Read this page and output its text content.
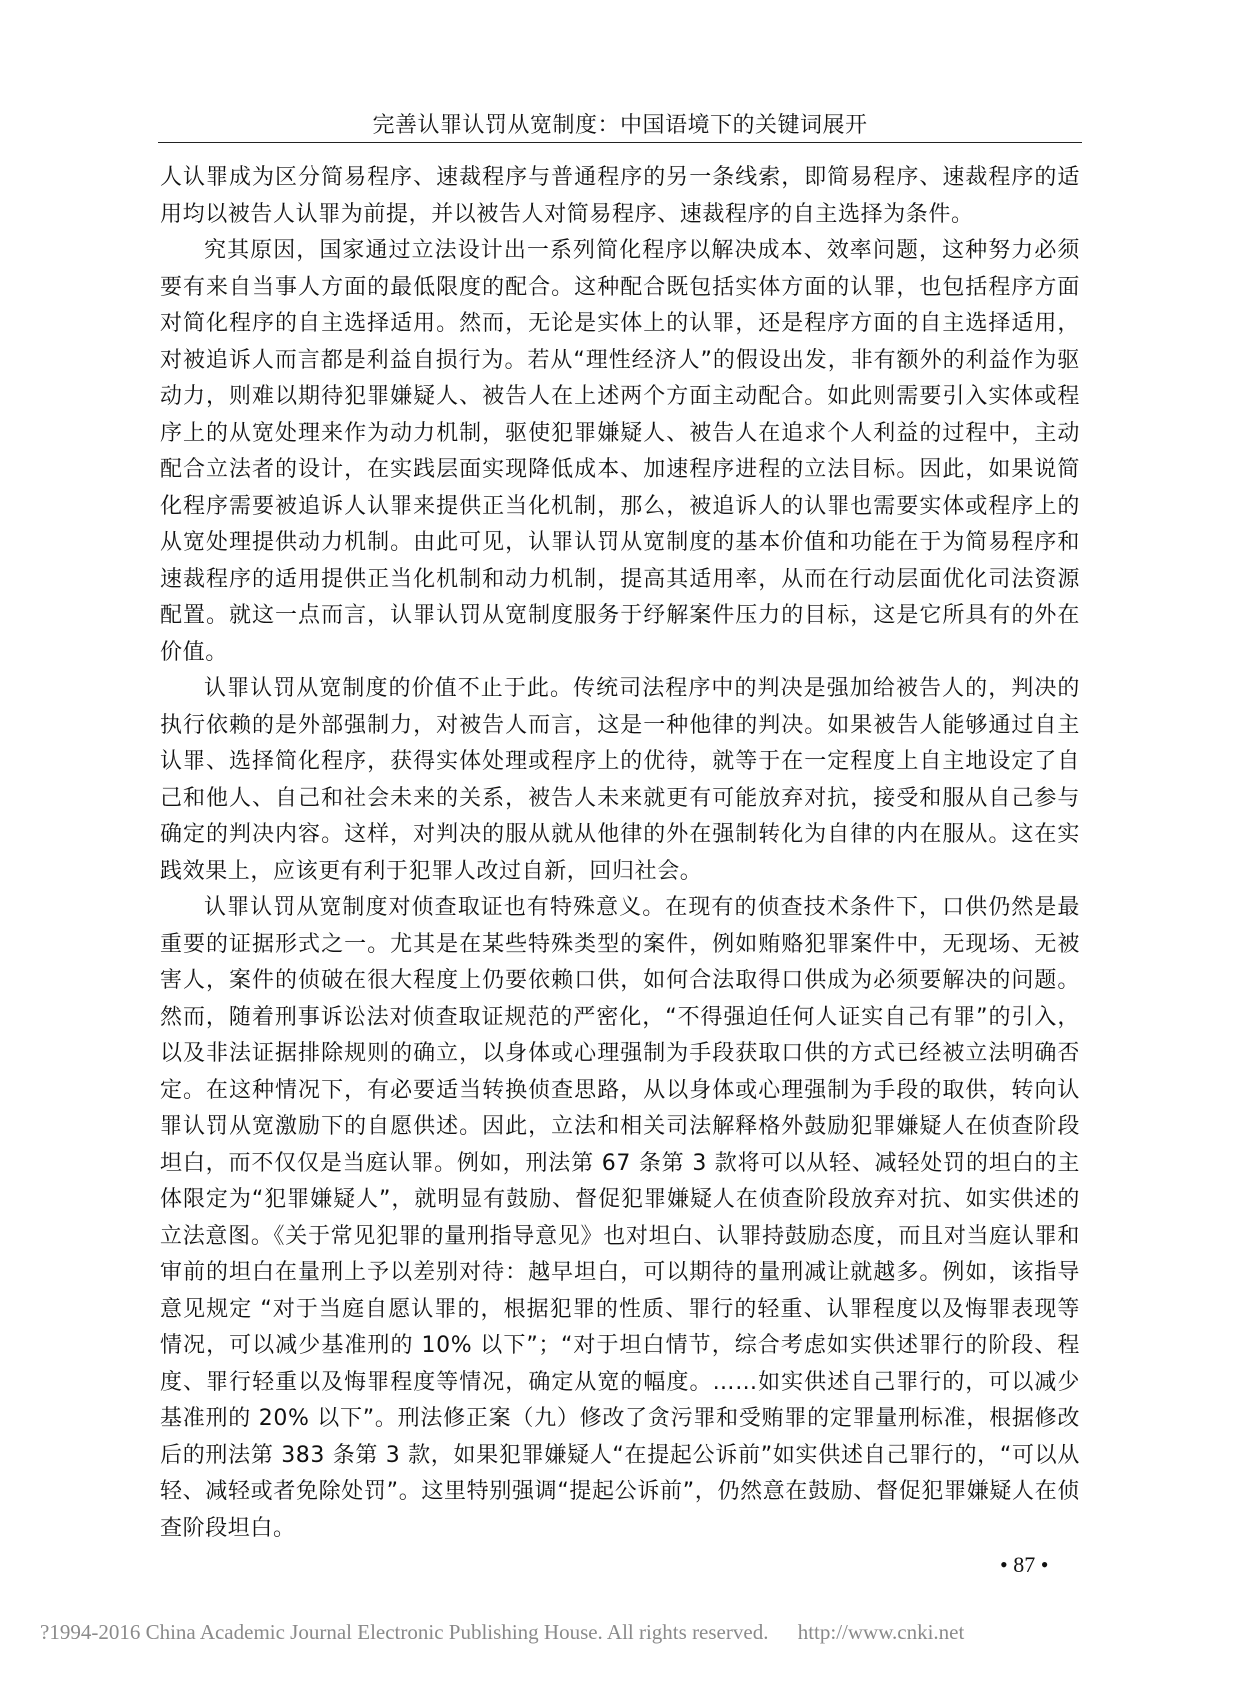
完善认罪认罚从宽制度：中国语境下的关键词展开

人认罪成为区分简易程序、速裁程序与普通程序的另一条线索，即简易程序、速裁程序的适用均以被告人认罪为前提，并以被告人对简易程序、速裁程序的自主选择为条件。

究其原因，国家通过立法设计出一系列简化程序以解决成本、效率问题，这种努力必须要有来自当事人方面的最低限度的配合。这种配合既包括实体方面的认罪，也包括程序方面对简化程序的自主选择适用。然而，无论是实体上的认罪，还是程序方面的自主选择适用，对被追诉人而言都是利益自损行为。若从“理性经济人”的假设出发，非有额外的利益作为驱动力，则难以期待犯罪嫌疑人、被告人在上述两个方面主动配合。如此则需要引入实体或程序上的从宽处理来作为动力机制，驱使犯罪嫌疑人、被告人在追求个人利益的过程中，主动配合立法者的设计，在实践层面实现降低成本、加速程序进程的立法目标。因此，如果说简化程序需要被追诉人认罪来提供正当化机制，那么，被追诉人的认罪也需要实体或程序上的从宽处理提供动力机制。由此可见，认罪认罚从宽制度的基本价值和功能在于为简易程序和速裁程序的适用提供正当化机制和动力机制，提高其适用率，从而在行动层面优化司法资源配置。就这一点而言，认罪认罚从宽制度服务于纾解案件压力的目标，这是它所具有的外在价值。

认罪认罚从宽制度的价值不止于此。传统司法程序中的判决是强加给被告人的，判决的执行依赖的是外部强制力，对被告人而言，这是一种他律的判决。如果被告人能够通过自主认罪、选择简化程序，获得实体处理或程序上的优待，就等于在一定程度上自主地设定了自己和他人、自己和社会未来的关系，被告人未来就更有可能放弃对抗，接受和服从自己参与确定的判决内容。这样，对判决的服从就从他律的外在强制转化为自律的内在服从。这在实践效果上，应该更有利于犯罪人改过自新，回归社会。

认罪认罚从宽制度对侦查取证也有特殊意义。在现有的侦查技术条件下，口供仍然是最重要的证据形式之一。尤其是在某些特殊类型的案件，例如贿赂犯罪案件中，无现场、无被害人，案件的侦破在很大程度上仍要依赖口供，如何合法取得口供成为必须要解决的问题。然而，随着刑事诉讼法对侦查取证规范的严密化，“不得强迫任何人证实自己有罪”的引入，以及非法证据排除规则的确立，以身体或心理强制为手段获取口供的方式已经被立法明确否定。在这种情况下，有必要适当转换侦查思路，从以身体或心理强制为手段的取供，转向认罪认罚从宽激励下的自愿供述。因此，立法和相关司法解释格外鼓励犯罪嫌疑人在侦查阶段坦白，而不仅仅是当庭认罪。例如，刑法第 67 条第 3 款将可以从轻、减轻处罚的坦白的主体限定为“犯罪嫌疑人”，就明显有鼓励、督促犯罪嫌疑人在侦查阶段放弃对抗、如实供述的立法意图。《关于常见犯罪的量刑指导意见》也对坦白、认罪持鼓励态度，而且对当庭认罪和审前的坦白在量刑上予以差别对待：越早坦白，可以期待的量刑减让就越多。例如，该指导意见规定 “对于当庭自愿认罪的，根据犯罪的性质、罪行的轻重、认罪程度以及悔罪表现等情况，可以减少基准刑的 10% 以下”；“对于坦白情节，综合考虑如实供述罪行的阶段、程度、罪行轻重以及悔罪程度等情况，确定从宽的幅度。……如实供述自己罪行的，可以减少基准刑的 20% 以下”。刑法修正案（九）修改了贪污罪和受贿罪的定罪量刑标准，根据修改后的刑法第 383 条第 3 款，如果犯罪嫌疑人“在提起公诉前”如实供述自己罪行的，“可以从轻、减轻或者免除处罚”。这里特别强调“提起公诉前”，仍然意在鼓励、督促犯罪嫌疑人在侦查阶段坦白。

• 87 •
?1994-2016 China Academic Journal Electronic Publishing House. All rights reserved. http://www.cnki.net
